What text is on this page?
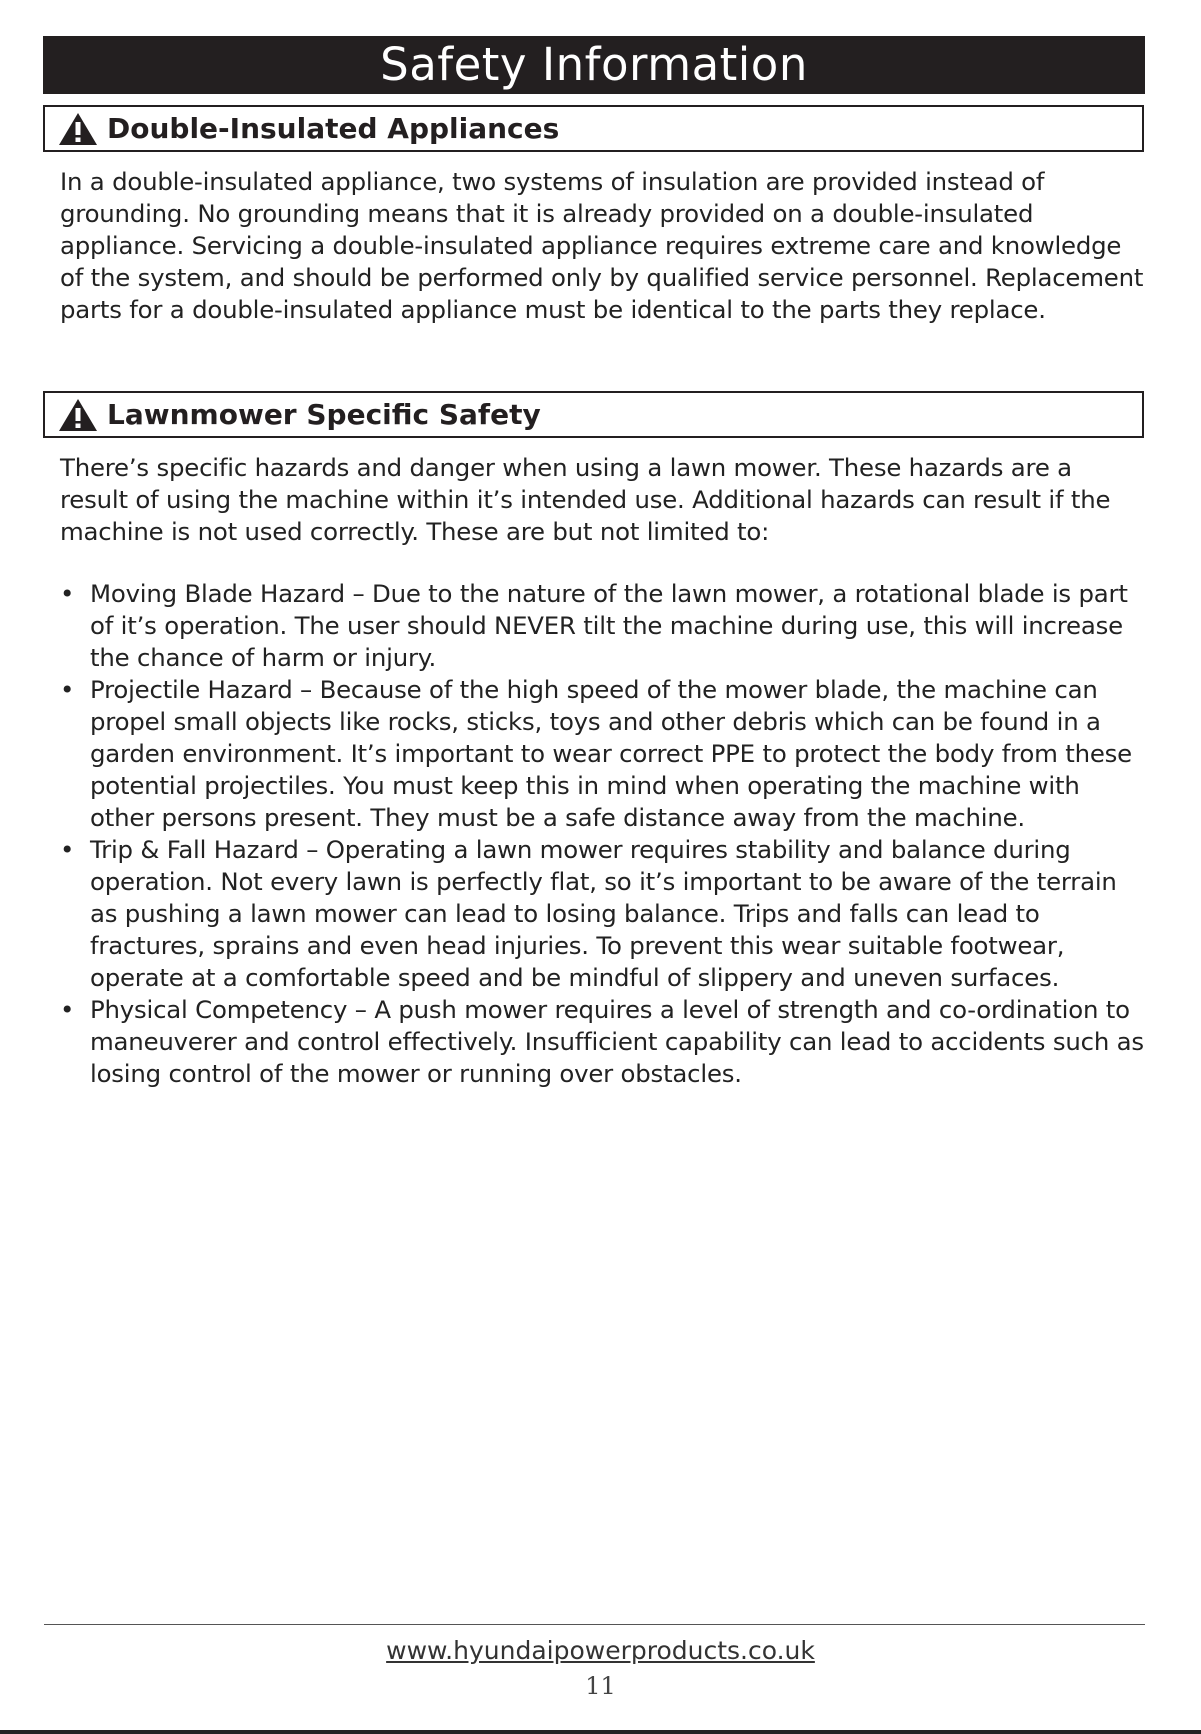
Safety Information
Double-Insulated Appliances

In a double-insulated appliance, two systems of insulation are provided instead of grounding. No grounding means that it is already provided on a double-insulated appliance. Servicing a double-insulated appliance requires extreme care and knowledge of the system, and should be performed only by qualified service personnel. Replacement parts for a double-insulated appliance must be identical to the parts they replace.

Lawnmower Specific Safety

There’s specific hazards and danger when using a lawn mower. These hazards are a result of using the machine within it’s intended use. Additional hazards can result if the machine is not used correctly. These are but not limited to:

• Moving Blade Hazard – Due to the nature of the lawn mower, a rotational blade is part of it’s operation. The user should NEVER tilt the machine during use, this will increase the chance of harm or injury.
• Projectile Hazard – Because of the high speed of the mower blade, the machine can propel small objects like rocks, sticks, toys and other debris which can be found in a garden environment. It’s important to wear correct PPE to protect the body from these potential projectiles. You must keep this in mind when operating the machine with other persons present. They must be a safe distance away from the machine.
• Trip & Fall Hazard – Operating a lawn mower requires stability and balance during operation. Not every lawn is perfectly flat, so it’s important to be aware of the terrain as pushing a lawn mower can lead to losing balance. Trips and falls can lead to fractures, sprains and even head injuries. To prevent this wear suitable footwear, operate at a comfortable speed and be mindful of slippery and uneven surfaces.
• Physical Competency – A push mower requires a level of strength and co-ordination to maneuverer and control effectively. Insufficient capability can lead to accidents such as losing control of the mower or running over obstacles.
www.hyundaipowerproducts.co.uk
11
